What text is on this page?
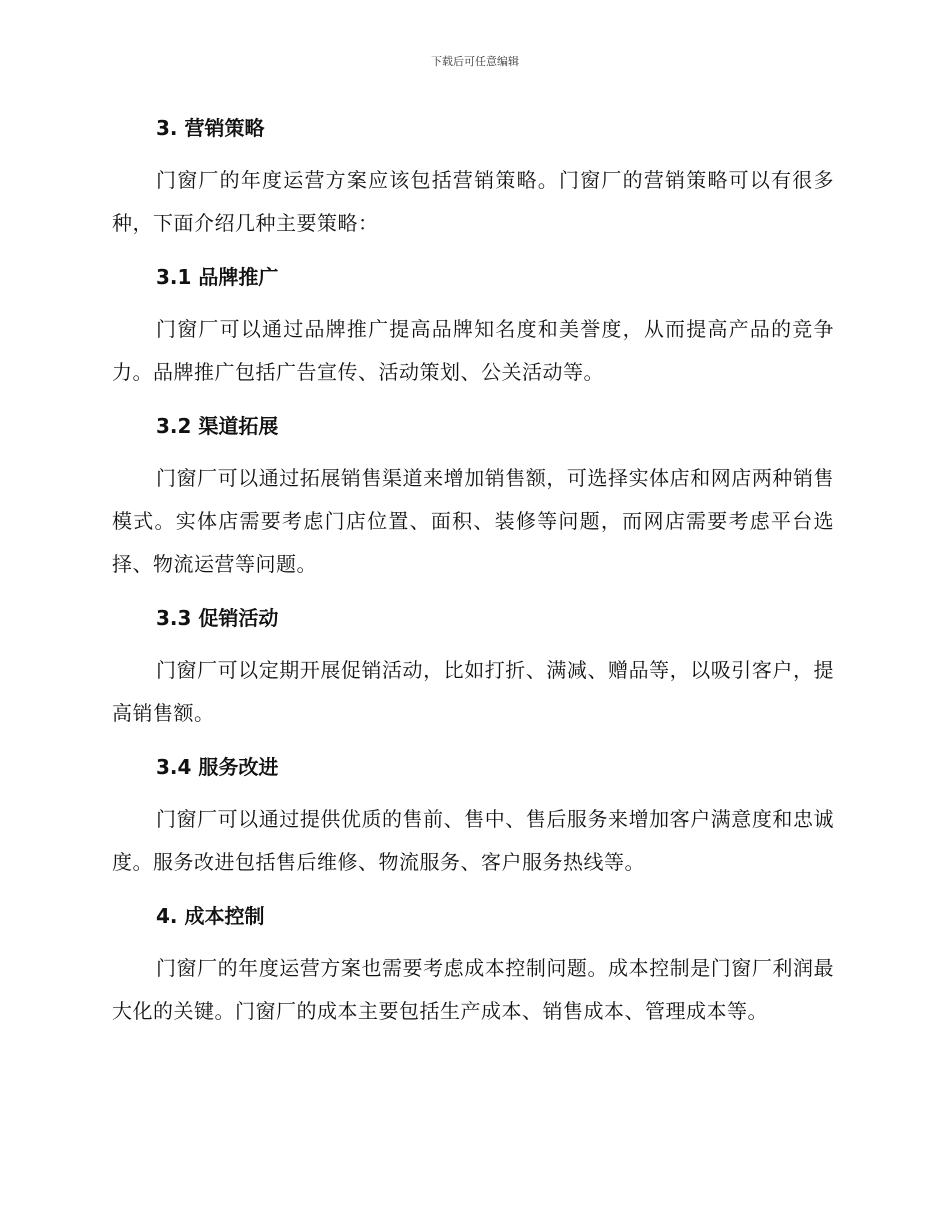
下载后可任意编辑
3. 营销策略

门窗厂的年度运营方案应该包括营销策略。门窗厂的营销策略可以有很多种，下面介绍几种主要策略：

3.1 品牌推广

门窗厂可以通过品牌推广提高品牌知名度和美誉度，从而提高产品的竞争力。品牌推广包括广告宣传、活动策划、公关活动等。

3.2 渠道拓展

门窗厂可以通过拓展销售渠道来增加销售额，可选择实体店和网店两种销售模式。实体店需要考虑门店位置、面积、装修等问题，而网店需要考虑平台选择、物流运营等问题。

3.3 促销活动

门窗厂可以定期开展促销活动，比如打折、满减、赠品等，以吸引客户，提高销售额。

3.4 服务改进

门窗厂可以通过提供优质的售前、售中、售后服务来增加客户满意度和忠诚度。服务改进包括售后维修、物流服务、客户服务热线等。

4. 成本控制

门窗厂的年度运营方案也需要考虑成本控制问题。成本控制是门窗厂利润最大化的关键。门窗厂的成本主要包括生产成本、销售成本、管理成本等。
